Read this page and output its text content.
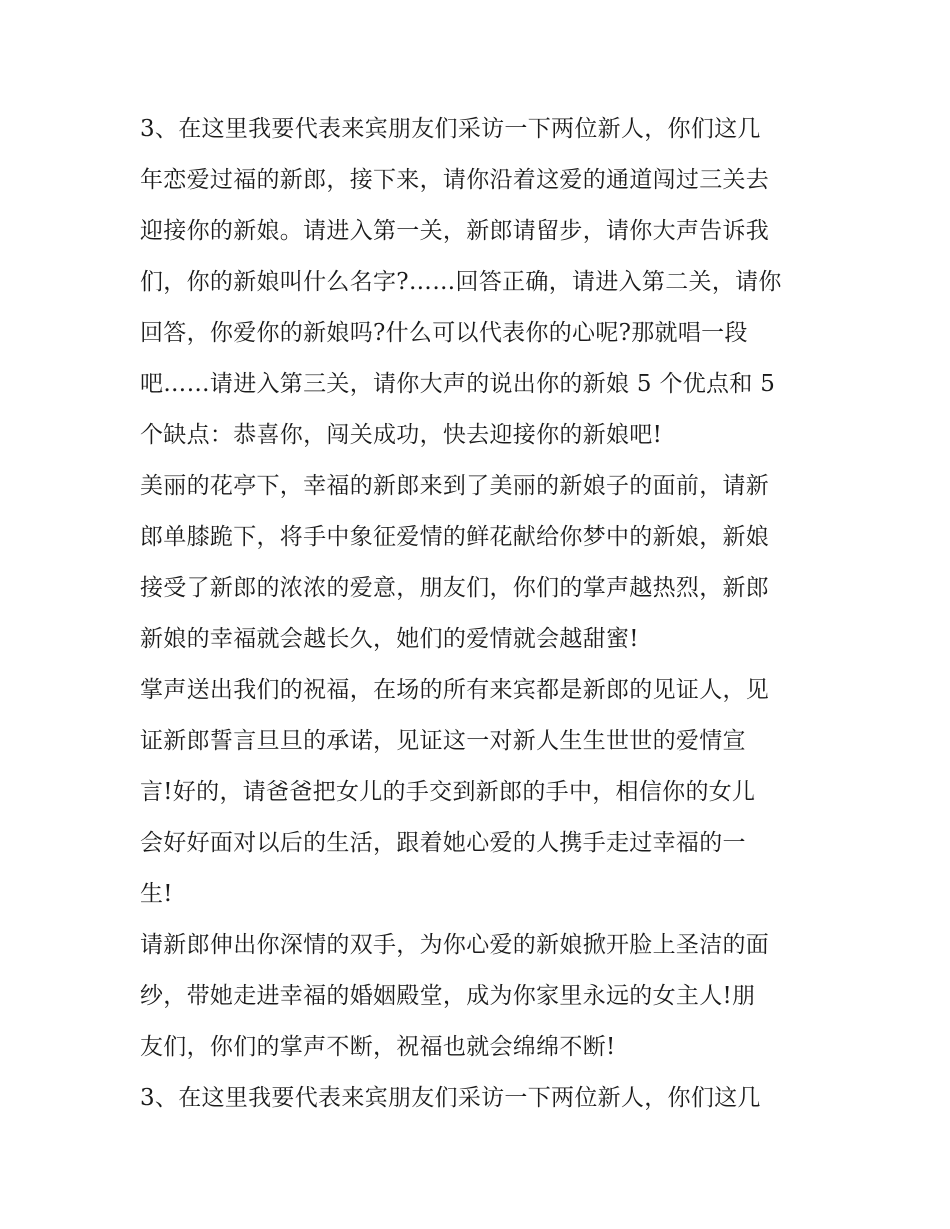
3、在这里我要代表来宾朋友们采访一下两位新人，你们这几
年恋爱过福的新郎，接下来，请你沿着这爱的通道闯过三关去
迎接你的新娘。请进入第一关，新郎请留步，请你大声告诉我
们，你的新娘叫什么名字?……回答正确，请进入第二关，请你
回答，你爱你的新娘吗?什么可以代表你的心呢?那就唱一段
吧……请进入第三关，请你大声的说出你的新娘 5 个优点和 5
个缺点：恭喜你，闯关成功，快去迎接你的新娘吧!
美丽的花亭下，幸福的新郎来到了美丽的新娘子的面前，请新
郎单膝跪下，将手中象征爱情的鲜花献给你梦中的新娘，新娘
接受了新郎的浓浓的爱意，朋友们，你们的掌声越热烈，新郎
新娘的幸福就会越长久，她们的爱情就会越甜蜜!
掌声送出我们的祝福，在场的所有来宾都是新郎的见证人，见
证新郎誓言旦旦的承诺，见证这一对新人生生世世的爱情宣
言!好的，请爸爸把女儿的手交到新郎的手中，相信你的女儿
会好好面对以后的生活，跟着她心爱的人携手走过幸福的一
生!
请新郎伸出你深情的双手，为你心爱的新娘掀开脸上圣洁的面
纱，带她走进幸福的婚姻殿堂，成为你家里永远的女主人!朋
友们，你们的掌声不断，祝福也就会绵绵不断!
3、在这里我要代表来宾朋友们采访一下两位新人，你们这几
